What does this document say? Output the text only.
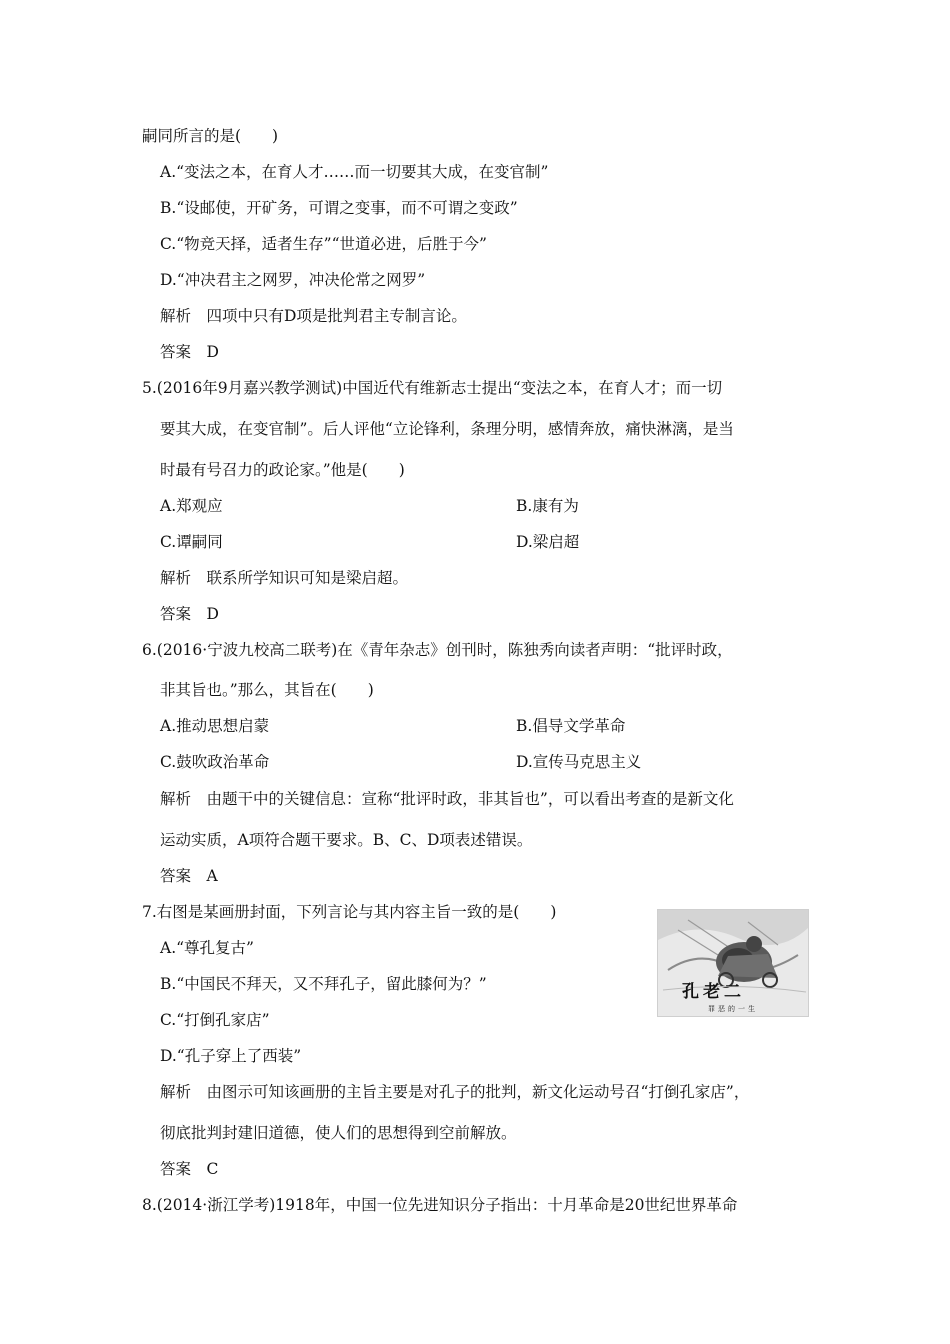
嗣同所言的是(　　)
A.“变法之本，在育人才……而一切要其大成，在变官制”
B.“设邮使，开矿务，可谓之变事，而不可谓之变政”
C.“物竞天择，适者生存”“世道必进，后胜于今”
D.“冲决君主之网罗，冲决伦常之网罗”
解析　四项中只有D项是批判君主专制言论。
答案　D
5.(2016年9月嘉兴教学测试)中国近代有维新志士提出“变法之本，在育人才；而一切
要其大成，在变官制”。后人评他“立论锋利，条理分明，感情奔放，痛快淋漓，是当
时最有号召力的政论家。”他是(　　)
A.郑观应	B.康有为
C.谭嗣同	D.梁启超
解析　联系所学知识可知是梁启超。
答案　D
6.(2016·宁波九校高二联考)在《青年杂志》创刊时，陈独秀向读者声明：“批评时政，
非其旨也。”那么，其旨在(　　)
A.推动思想启蒙	B.倡导文学革命
C.鼓吹政治革命	D.宣传马克思主义
解析　由题干中的关键信息：宣称“批评时政，非其旨也”，可以看出考查的是新文化
运动实质，A项符合题干要求。B、C、D项表述错误。
答案　A
7.右图是某画册封面，下列言论与其内容主旨一致的是(　　)
A.“尊孔复古”
B.“中国民不拜天，又不拜孔子，留此膝何为？”
C.“打倒孔家店”
D.“孔子穿上了西装”
孔老二
罪恶的一生
解析　由图示可知该画册的主旨主要是对孔子的批判，新文化运动号召“打倒孔家店”，
彻底批判封建旧道德，使人们的思想得到空前解放。
答案　C
8.(2014·浙江学考)1918年，中国一位先进知识分子指出：十月革命是20世纪世界革命
